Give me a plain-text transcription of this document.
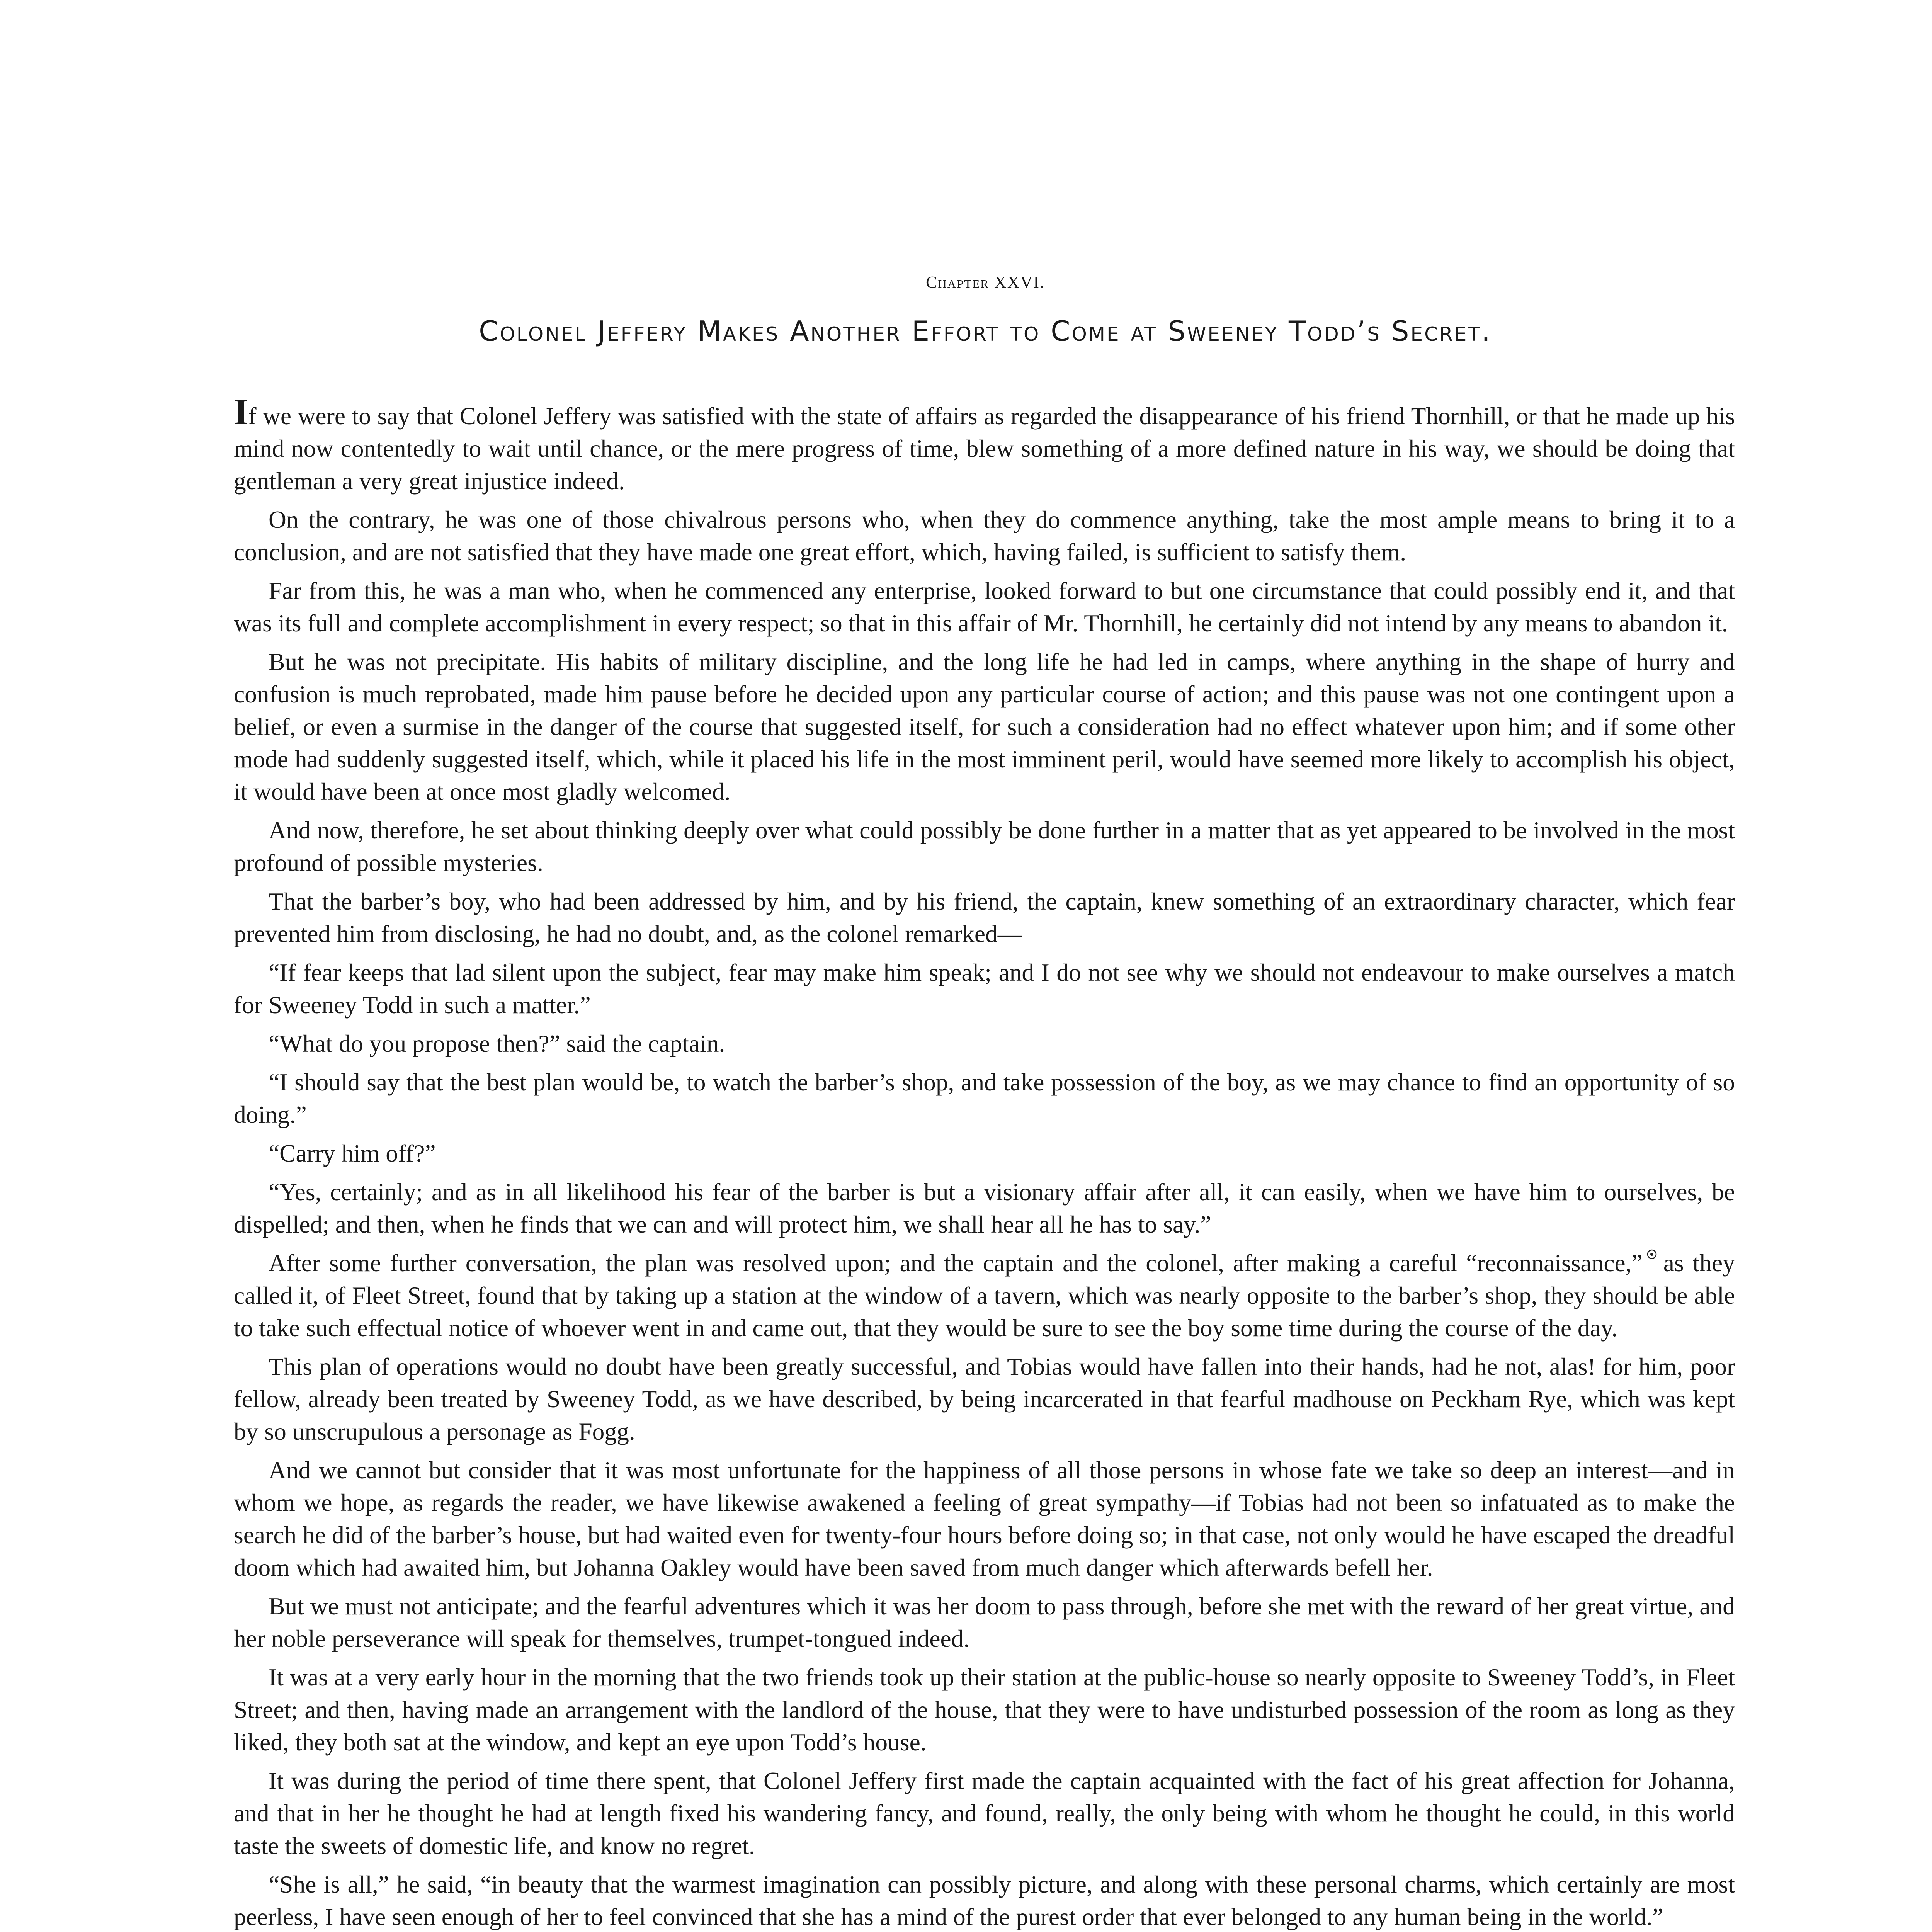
Chapter XXVI.
Colonel Jeffery Makes Another Effort to Come at Sweeney Todd’s Secret.

If we were to say that Colonel Jeffery was satisfied with the state of affairs as regarded the disappearance of his friend Thornhill, or that he made up his mind now contentedly to wait until chance, or the mere progress of time, blew something of a more defined nature in his way, we should be doing that gentleman a very great injustice indeed.

On the contrary, he was one of those chivalrous persons who, when they do commence anything, take the most ample means to bring it to a conclusion, and are not satisfied that they have made one great effort, which, having failed, is sufficient to satisfy them.

Far from this, he was a man who, when he commenced any enterprise, looked forward to but one circumstance that could possibly end it, and that was its full and complete accomplishment in every respect; so that in this affair of Mr. Thornhill, he certainly did not intend by any means to abandon it.

But he was not precipitate. His habits of military discipline, and the long life he had led in camps, where anything in the shape of hurry and confusion is much reprobated, made him pause before he decided upon any particular course of action; and this pause was not one contingent upon a belief, or even a surmise in the danger of the course that suggested itself, for such a consideration had no effect whatever upon him; and if some other mode had suddenly suggested itself, which, while it placed his life in the most imminent peril, would have seemed more likely to accomplish his object, it would have been at once most gladly welcomed.

And now, therefore, he set about thinking deeply over what could possibly be done further in a matter that as yet appeared to be involved in the most profound of possible mysteries.

That the barber’s boy, who had been addressed by him, and by his friend, the captain, knew something of an extraordinary character, which fear prevented him from disclosing, he had no doubt, and, as the colonel remarked—

“If fear keeps that lad silent upon the subject, fear may make him speak; and I do not see why we should not endeavour to make ourselves a match for Sweeney Todd in such a matter.”

“What do you propose then?” said the captain.

“I should say that the best plan would be, to watch the barber’s shop, and take possession of the boy, as we may chance to find an opportunity of so doing.”

“Carry him off?”

“Yes, certainly; and as in all likelihood his fear of the barber is but a visionary affair after all, it can easily, when we have him to ourselves, be dispelled; and then, when he finds that we can and will protect him, we shall hear all he has to say.”

After some further conversation, the plan was resolved upon; and the captain and the colonel, after making a careful “reconnaissance,” as they called it, of Fleet Street, found that by taking up a station at the window of a tavern, which was nearly opposite to the barber’s shop, they should be able to take such effectual notice of whoever went in and came out, that they would be sure to see the boy some time during the course of the day.

This plan of operations would no doubt have been greatly successful, and Tobias would have fallen into their hands, had he not, alas! for him, poor fellow, already been treated by Sweeney Todd, as we have described, by being incarcerated in that fearful madhouse on Peckham Rye, which was kept by so unscrupulous a personage as Fogg.

And we cannot but consider that it was most unfortunate for the happiness of all those persons in whose fate we take so deep an interest—and in whom we hope, as regards the reader, we have likewise awakened a feeling of great sympathy—if Tobias had not been so infatuated as to make the search he did of the barber’s house, but had waited even for twenty-four hours before doing so; in that case, not only would he have escaped the dreadful doom which had awaited him, but Johanna Oakley would have been saved from much danger which afterwards befell her.

But we must not anticipate; and the fearful adventures which it was her doom to pass through, before she met with the reward of her great virtue, and her noble perseverance will speak for themselves, trumpet-tongued indeed.

It was at a very early hour in the morning that the two friends took up their station at the public-house so nearly opposite to Sweeney Todd’s, in Fleet Street; and then, having made an arrangement with the landlord of the house, that they were to have undisturbed possession of the room as long as they liked, they both sat at the window, and kept an eye upon Todd’s house.

It was during the period of time there spent, that Colonel Jeffery first made the captain acquainted with the fact of his great affection for Johanna, and that in her he thought he had at length fixed his wandering fancy, and found, really, the only being with whom he thought he could, in this world taste the sweets of domestic life, and know no regret.

“She is all,” he said, “in beauty that the warmest imagination can possibly picture, and along with these personal charms, which certainly are most peerless, I have seen enough of her to feel convinced that she has a mind of the purest order that ever belonged to any human being in the world.”
